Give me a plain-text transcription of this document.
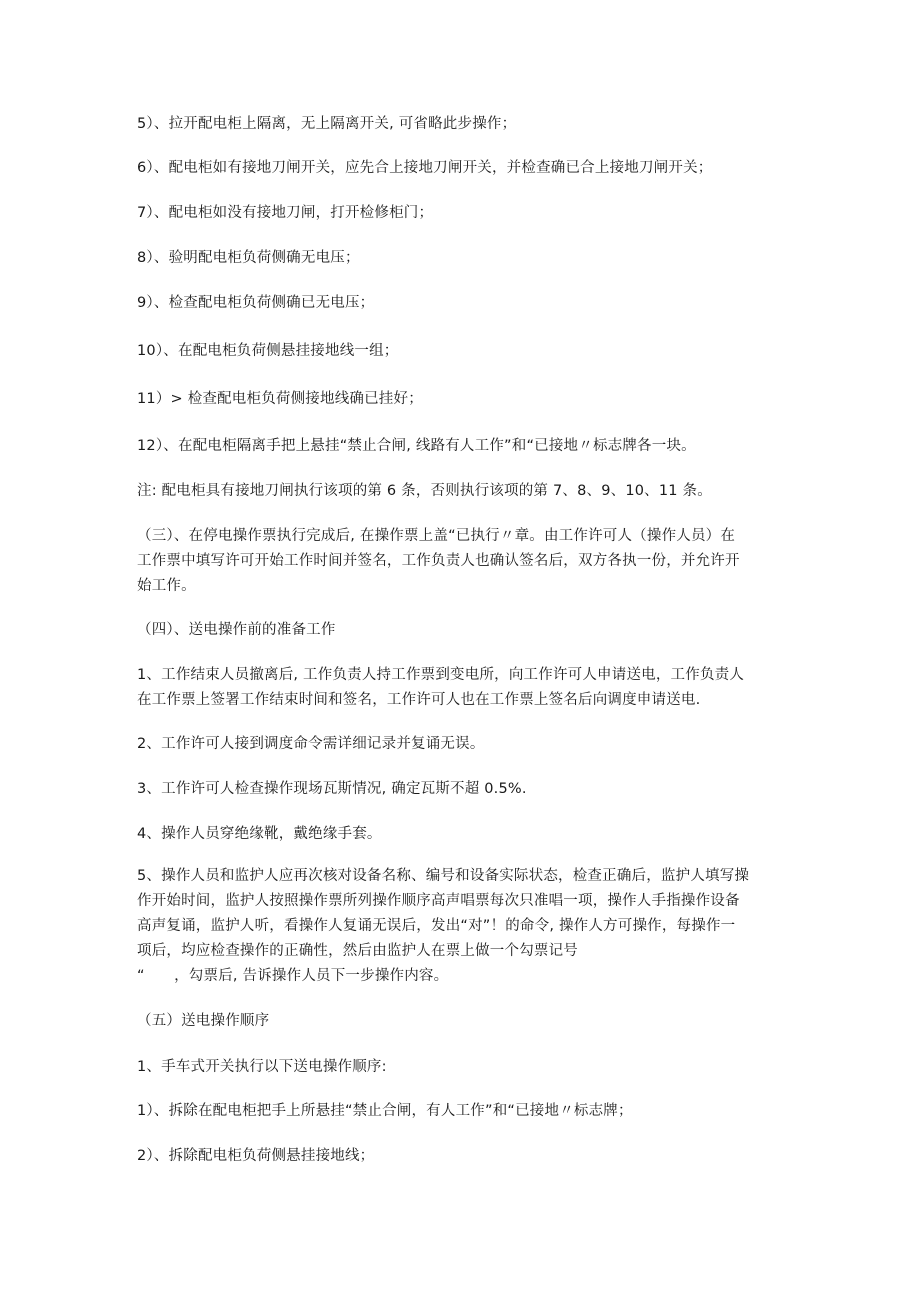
5）、拉开配电柜上隔离，无上隔离开关, 可省略此步操作；

6）、配电柜如有接地刀闸开关，应先合上接地刀闸开关，并检查确已合上接地刀闸开关；

7）、配电柜如没有接地刀闸，打开检修柜门；

8）、验明配电柜负荷侧确无电压；

9）、检查配电柜负荷侧确已无电压；

10）、在配电柜负荷侧悬挂接地线一组；

11）> 检查配电柜负荷侧接地线确已挂好；

12）、在配电柜隔离手把上悬挂“禁止合闸, 线路有人工作”和“已接地〃标志牌各一块。

注: 配电柜具有接地刀闸执行该项的第 6 条，否则执行该项的第 7、8、9、10、11 条。

（三）、在停电操作票执行完成后, 在操作票上盖“已执行〃章。由工作许可人（操作人员）在
工作票中填写许可开始工作时间并签名，工作负责人也确认签名后，双方各执一份，并允许开
始工作。

（四）、送电操作前的准备工作

1、工作结束人员撤离后, 工作负责人持工作票到变电所，向工作许可人申请送电，工作负责人
在工作票上签署工作结束时间和签名，工作许可人也在工作票上签名后向调度申请送电.

2、工作许可人接到调度命令需详细记录并复诵无误。

3、工作许可人检查操作现场瓦斯情况, 确定瓦斯不超 0.5%.

4、操作人员穿绝缘靴，戴绝缘手套。

5、操作人员和监护人应再次核对设备名称、编号和设备实际状态，检查正确后，监护人填写操
作开始时间，监护人按照操作票所列操作顺序高声唱票每次只准唱一项，操作人手指操作设备
高声复诵，监护人听，看操作人复诵无误后，发出“对”！的命令, 操作人方可操作，每操作一
项后，均应检查操作的正确性，然后由监护人在票上做一个勾票记号
“　　，勾票后, 告诉操作人员下一步操作内容。

（五）送电操作顺序

1、手车式开关执行以下送电操作顺序:

1）、拆除在配电柜把手上所悬挂“禁止合闸，有人工作”和“已接地〃标志牌；

2）、拆除配电柜负荷侧悬挂接地线；
